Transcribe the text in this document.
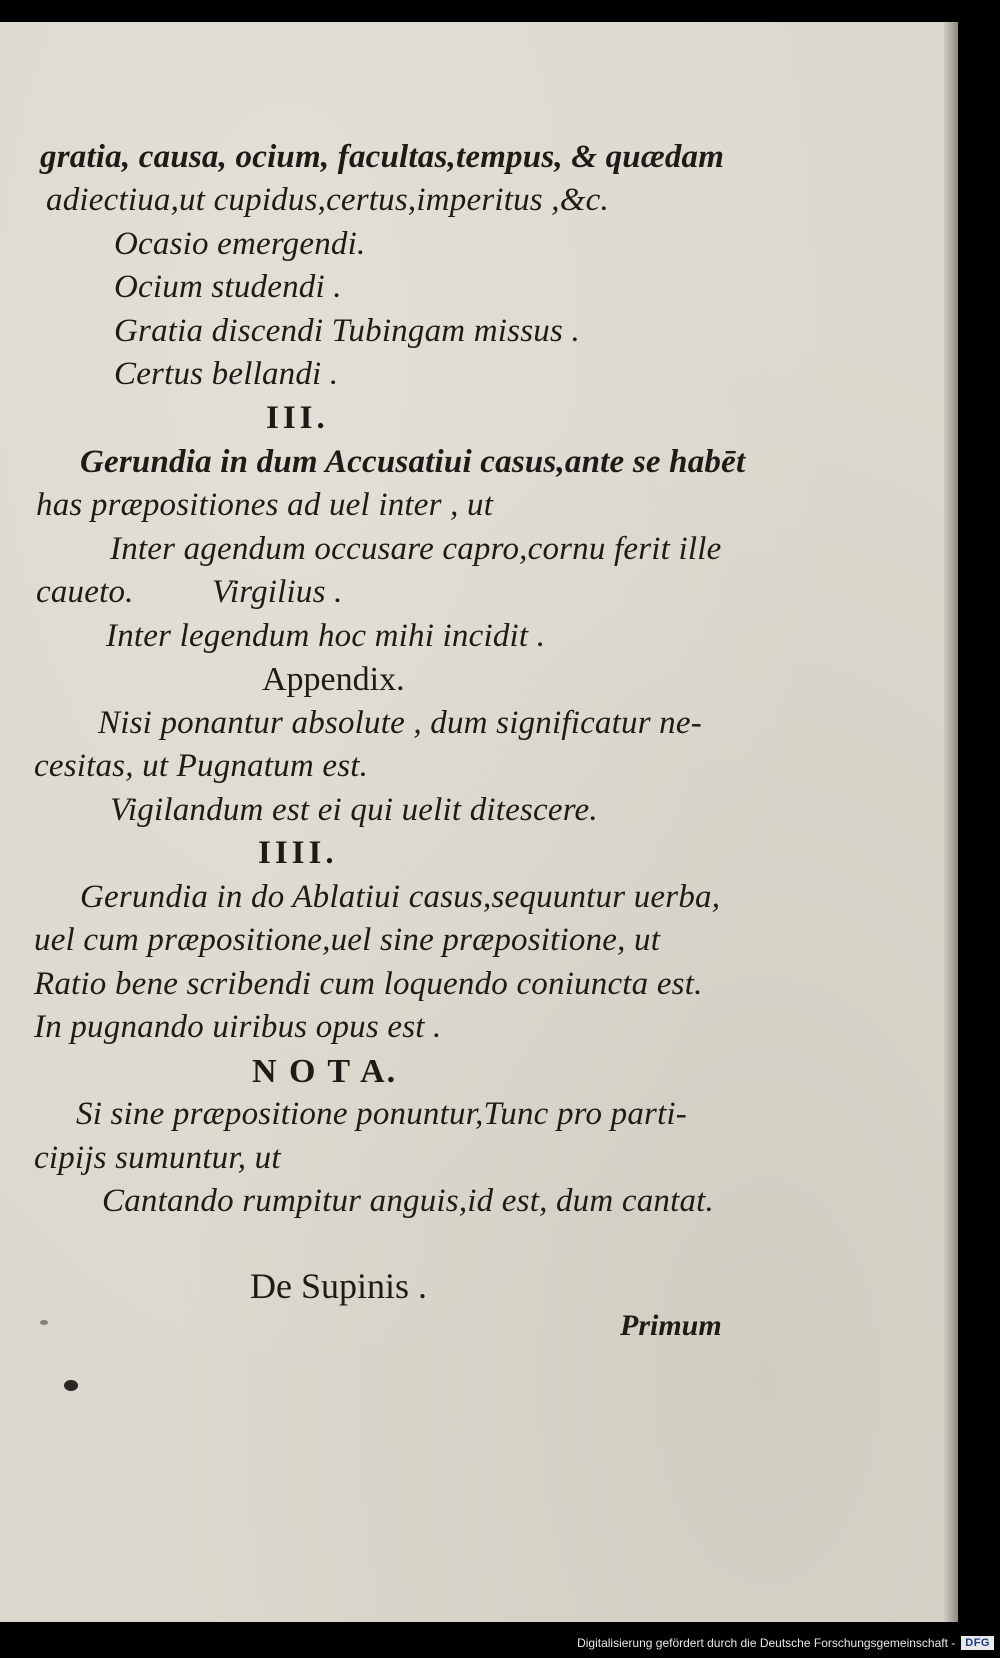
gratia, causa, ocium, facultas,tempus, & quædam
adiectiua,ut cupidus,certus,imperitus ,&c.
Ocasio emergendi.
Ocium studendi .
Gratia discendi Tubingam missus .
Certus bellandi .
III.
Gerundia in dum Accusatiui casus,ante se habēt
has præpositiones ad uel inter , ut
Inter agendum occusare capro,cornu ferit ille
caueto. Virgilius .
Inter legendum hoc mihi incidit .
Appendix.
Nisi ponantur absolute , dum significatur ne-
cesitas, ut Pugnatum est.
Vigilandum est ei qui uelit ditescere.
IIII.
Gerundia in do Ablatiui casus,sequuntur uerba,
uel cum præpositione,uel sine præpositione, ut
Ratio bene scribendi cum loquendo coniuncta est.
In pugnando uiribus opus est .
N O T A.
Si sine præpositione ponuntur,Tunc pro parti-
cipijs sumuntur, ut
Cantando rumpitur anguis,id est, dum cantat.
De Supinis .
Primum
Digitalisierung gefördert durch die Deutsche Forschungsgemeinschaft - DFG
